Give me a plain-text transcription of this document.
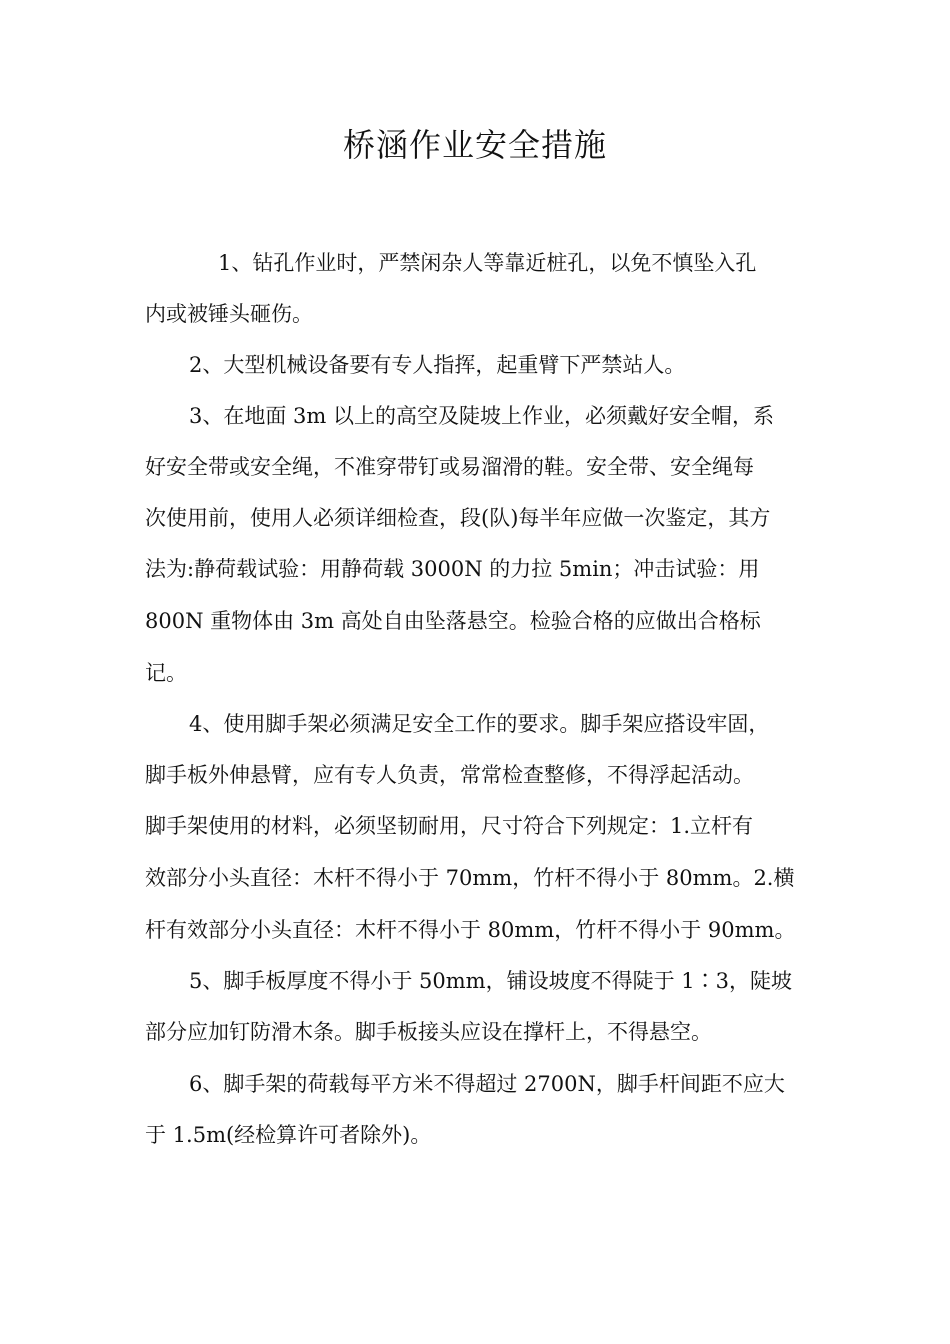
桥涵作业安全措施
1、钻孔作业时，严禁闲杂人等靠近桩孔，以免不慎坠入孔
内或被锤头砸伤。
2、大型机械设备要有专人指挥，起重臂下严禁站人。
3、在地面 3m 以上的高空及陡坡上作业，必须戴好安全帽，系
好安全带或安全绳，不准穿带钉或易溜滑的鞋。安全带、安全绳每
次使用前，使用人必须详细检查，段(队)每半年应做一次鉴定，其方
法为:静荷载试验：用静荷载 3000N 的力拉 5min；冲击试验：用
800N 重物体由 3m 高处自由坠落悬空。检验合格的应做出合格标
记。
4、使用脚手架必须满足安全工作的要求。脚手架应搭设牢固，
脚手板外伸悬臂，应有专人负责，常常检查整修，不得浮起活动。
脚手架使用的材料，必须坚韧耐用，尺寸符合下列规定：1.立杆有
效部分小头直径：木杆不得小于 70mm，竹杆不得小于 80mm。2.横
杆有效部分小头直径：木杆不得小于 80mm，竹杆不得小于 90mm。
5、脚手板厚度不得小于 50mm，铺设坡度不得陡于 1∶3，陡坡
部分应加钉防滑木条。脚手板接头应设在撑杆上，不得悬空。
6、脚手架的荷载每平方米不得超过 2700N，脚手杆间距不应大
于 1.5m(经检算许可者除外)。
